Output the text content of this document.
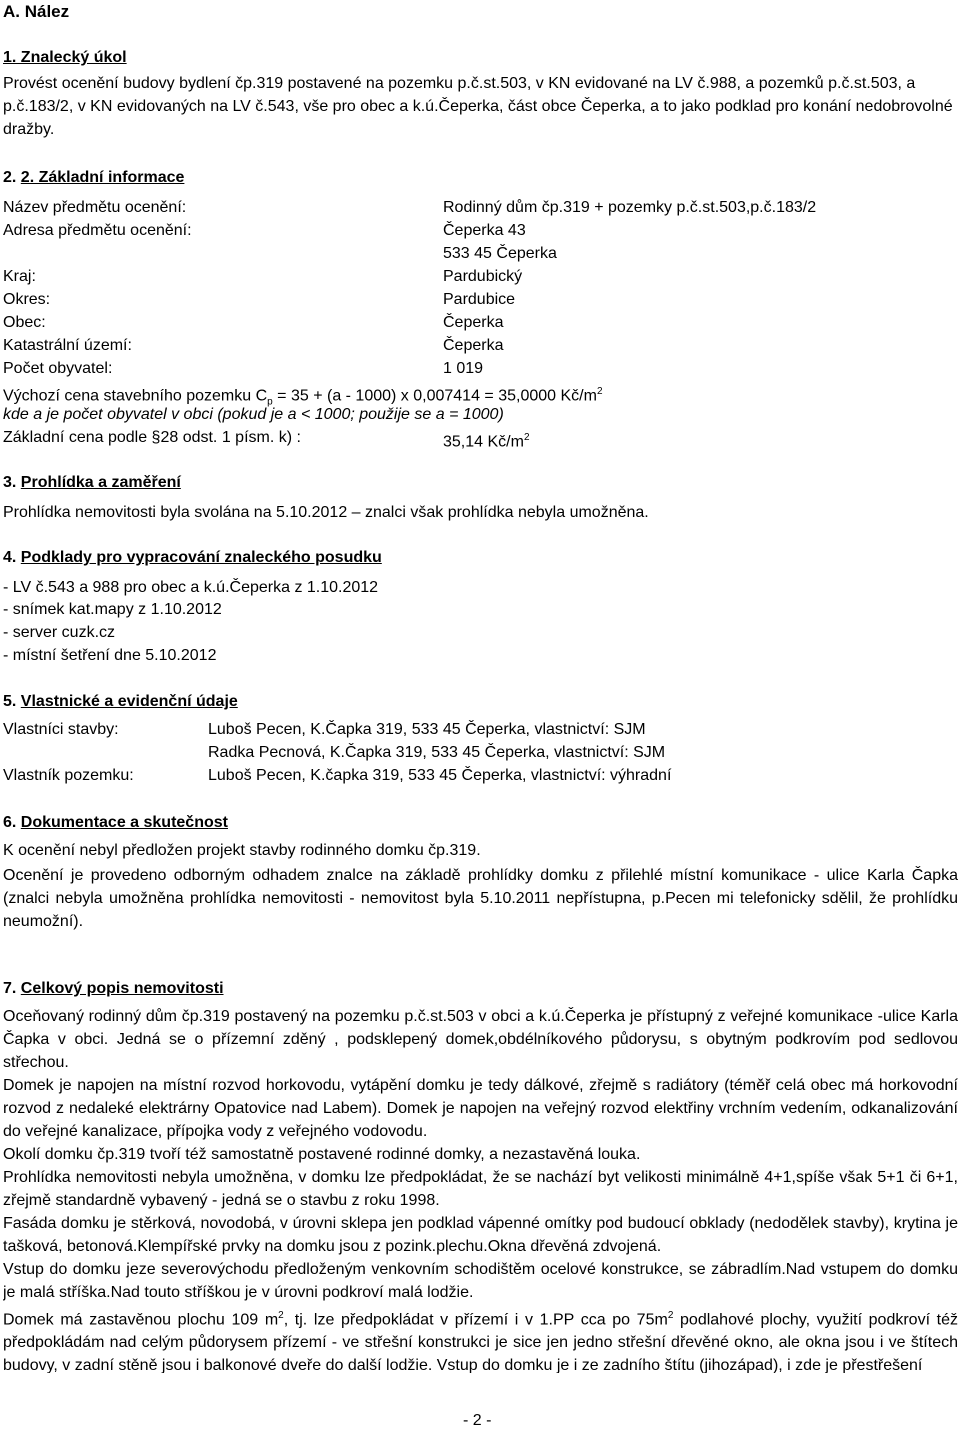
A. Nález
1. Znalecký úkol
Provést ocenění budovy bydlení čp.319 postavené na pozemku p.č.st.503, v KN evidované na LV č.988, a pozemků p.č.st.503, a p.č.183/2, v KN evidovaných na LV č.543, vše pro obec a k.ú.Čeperka, část obce Čeperka, a to jako podklad pro konání nedobrovolné dražby.
2. 2. Základní informace
Název předmětu ocenění:	Rodinný dům čp.319 + pozemky p.č.st.503,p.č.183/2
Adresa předmětu ocenění:	Čeperka 43
533 45 Čeperka
Kraj:	Pardubický
Okres:	Pardubice
Obec:	Čeperka
Katastrální území:	Čeperka
Počet obyvatel:	1 019
Výchozí cena stavebního pozemku $C_p = 35 + (a - 1000)$ x 0,007414 = 35,0000 $Kč/m^2$
kde a je počet obyvatel v obci (pokud je a < 1000; použije se a = 1000)
Základní cena podle §28 odst. 1 písm. k) :	35,14 $Kč/m^2$
3. Prohlídka a zaměření
Prohlídka nemovitosti byla svolána na 5.10.2012 – znalci však prohlídka nebyla umožněna.
4. Podklady pro vypracování znaleckého posudku
- LV č.543 a 988 pro obec a k.ú.Čeperka z 1.10.2012
- snímek kat.mapy z 1.10.2012
- server cuzk.cz
- místní šetření dne 5.10.2012
5. Vlastnické a evidenční údaje
Vlastníci stavby:	Luboš Pecen, K.Čapka 319, 533 45 Čeperka, vlastnictví: SJM
Radka Pecnová, K.Čapka 319, 533 45 Čeperka, vlastnictví: SJM
Vlastník pozemku:	Luboš Pecen, K.čapka 319, 533 45 Čeperka, vlastnictví: výhradní
6. Dokumentace a skutečnost
K ocenění nebyl předložen projekt stavby rodinného domku čp.319.
Ocenění je provedeno odborným odhadem znalce na základě prohlídky domku z přilehlé místní komunikace - ulice Karla Čapka (znalci nebyla umožněna prohlídka nemovitosti - nemovitost byla 5.10.2011 nepřístupna, p.Pecen mi telefonicky sdělil, že prohlídku neumožní).
7. Celkový popis nemovitosti
Oceňovaný rodinný dům čp.319 postavený na pozemku p.č.st.503 v obci a k.ú.Čeperka je přístupný z veřejné komunikace -ulice Karla Čapka v obci. Jedná se o přízemní zděný , podsklepený domek,obdélníkového půdorysu, s obytným podkrovím pod sedlovou střechou.
Domek je napojen na místní rozvod horkovodu, vytápění domku je tedy dálkové, zřejmě s radiátory (téměř celá obec má horkovodní rozvod z nedaleké elektrárny Opatovice nad Labem). Domek je napojen na veřejný rozvod elektřiny vrchním vedením, odkanalizování do veřejné kanalizace, přípojka vody z veřejného vodovodu.
Okolí domku čp.319 tvoří též samostatně postavené rodinné domky, a nezastavěná louka.
Prohlídka nemovitosti nebyla umožněna, v domku lze předpokládat, že se nachází byt velikosti minimálně 4+1,spíše však 5+1 či 6+1, zřejmě standardně vybavený - jedná se o stavbu z roku 1998.
Fasáda domku je stěrková, novodobá, v úrovni sklepa jen podklad vápenné omítky pod budoucí obklady (nedodělek stavby), krytina je tašková, betonová.Klempířské prvky na domku jsou z pozink.plechu.Okna dřevěná zdvojená.
Vstup do domku jeze severovýchodu předloženým venkovním schodištěm ocelové konstrukce, se zábradlím.Nad vstupem do domku je malá stříška.Nad touto stříškou je v úrovni podkroví malá lodžie.
Domek má zastavěnou plochu 109 $m^2$, tj. lze předpokládat v přízemí i v 1.PP cca po $75m^2$ podlahové plochy, využití podkroví též předpokládám nad celým půdorysem přízemí - ve střešní konstrukci je sice jen jedno střešní dřevěné okno, ale okna jsou i ve štítech budovy, v zadní stěně jsou i balkonové dveře do další lodžie. Vstup do domku je i ze zadního štítu (jihozápad), i zde je přestřešení
- 2 -
